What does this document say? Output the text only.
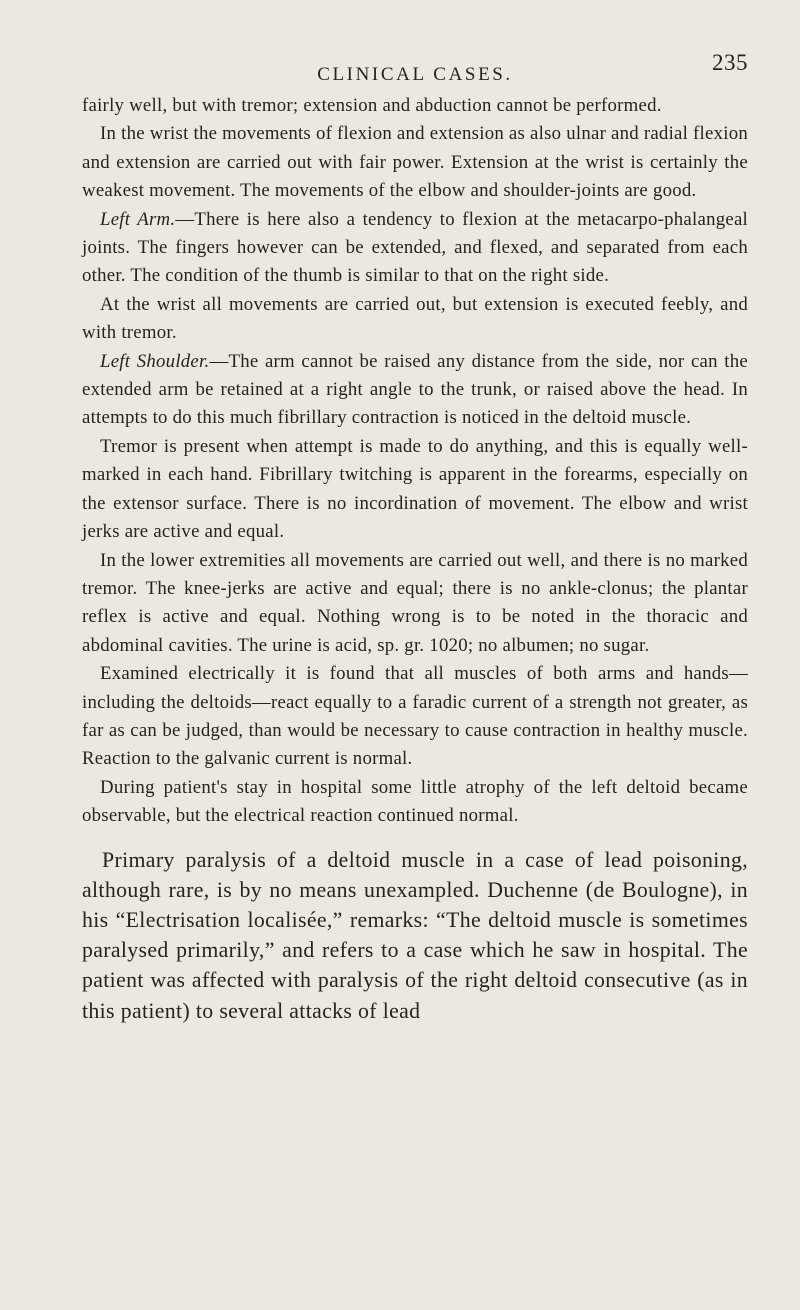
CLINICAL CASES.	235

fairly well, but with tremor; extension and abduction cannot be performed.

In the wrist the movements of flexion and extension as also ulnar and radial flexion and extension are carried out with fair power. Extension at the wrist is certainly the weakest movement. The movements of the elbow and shoulder-joints are good.

Left Arm.—There is here also a tendency to flexion at the metacarpo-phalangeal joints. The fingers however can be extended, and flexed, and separated from each other. The condition of the thumb is similar to that on the right side.

At the wrist all movements are carried out, but extension is executed feebly, and with tremor.

Left Shoulder.—The arm cannot be raised any distance from the side, nor can the extended arm be retained at a right angle to the trunk, or raised above the head. In attempts to do this much fibrillary contraction is noticed in the deltoid muscle.

Tremor is present when attempt is made to do anything, and this is equally well-marked in each hand. Fibrillary twitching is apparent in the forearms, especially on the extensor surface. There is no incordination of movement. The elbow and wrist jerks are active and equal.

In the lower extremities all movements are carried out well, and there is no marked tremor. The knee-jerks are active and equal; there is no ankle-clonus; the plantar reflex is active and equal. Nothing wrong is to be noted in the thoracic and abdominal cavities. The urine is acid, sp. gr. 1020; no albumen; no sugar.

Examined electrically it is found that all muscles of both arms and hands—including the deltoids—react equally to a faradic current of a strength not greater, as far as can be judged, than would be necessary to cause contraction in healthy muscle. Reaction to the galvanic current is normal.

During patient's stay in hospital some little atrophy of the left deltoid became observable, but the electrical reaction continued normal.

Primary paralysis of a deltoid muscle in a case of lead poisoning, although rare, is by no means unexampled. Duchenne (de Boulogne), in his “Electrisation localisée,” remarks: “The deltoid muscle is sometimes paralysed primarily,” and refers to a case which he saw in hospital. The patient was affected with paralysis of the right deltoid consecutive (as in this patient) to several attacks of lead
